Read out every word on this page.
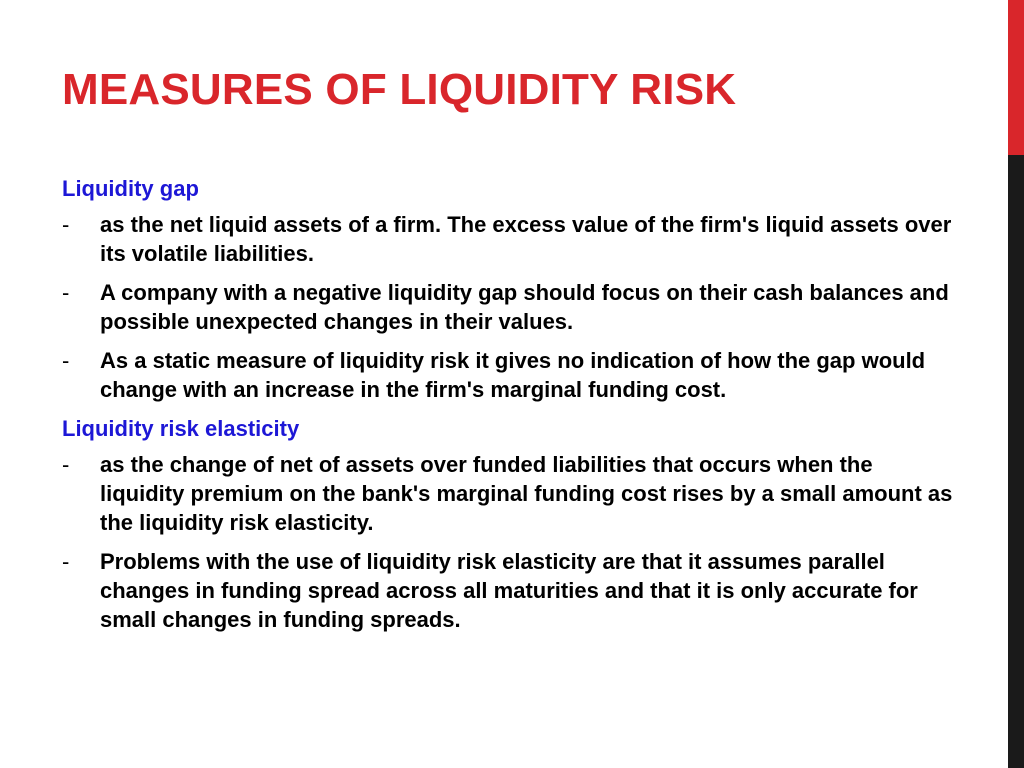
MEASURES OF LIQUIDITY RISK
Liquidity gap
-	as the net liquid assets of a firm. The excess value of the firm's liquid assets over its volatile liabilities.
-	A company with a negative liquidity gap should focus on their cash balances and possible unexpected changes in their values.
-	As a static measure of liquidity risk it gives no indication of how the gap would change with an increase in the firm's marginal funding cost.
Liquidity risk elasticity
-	as the change of net of assets over funded liabilities that occurs when the liquidity premium on the bank's marginal funding cost rises by a small amount as the liquidity risk elasticity.
-	Problems with the use of liquidity risk elasticity are that it assumes parallel changes in funding spread across all maturities and that it is only accurate for small changes in funding spreads.
